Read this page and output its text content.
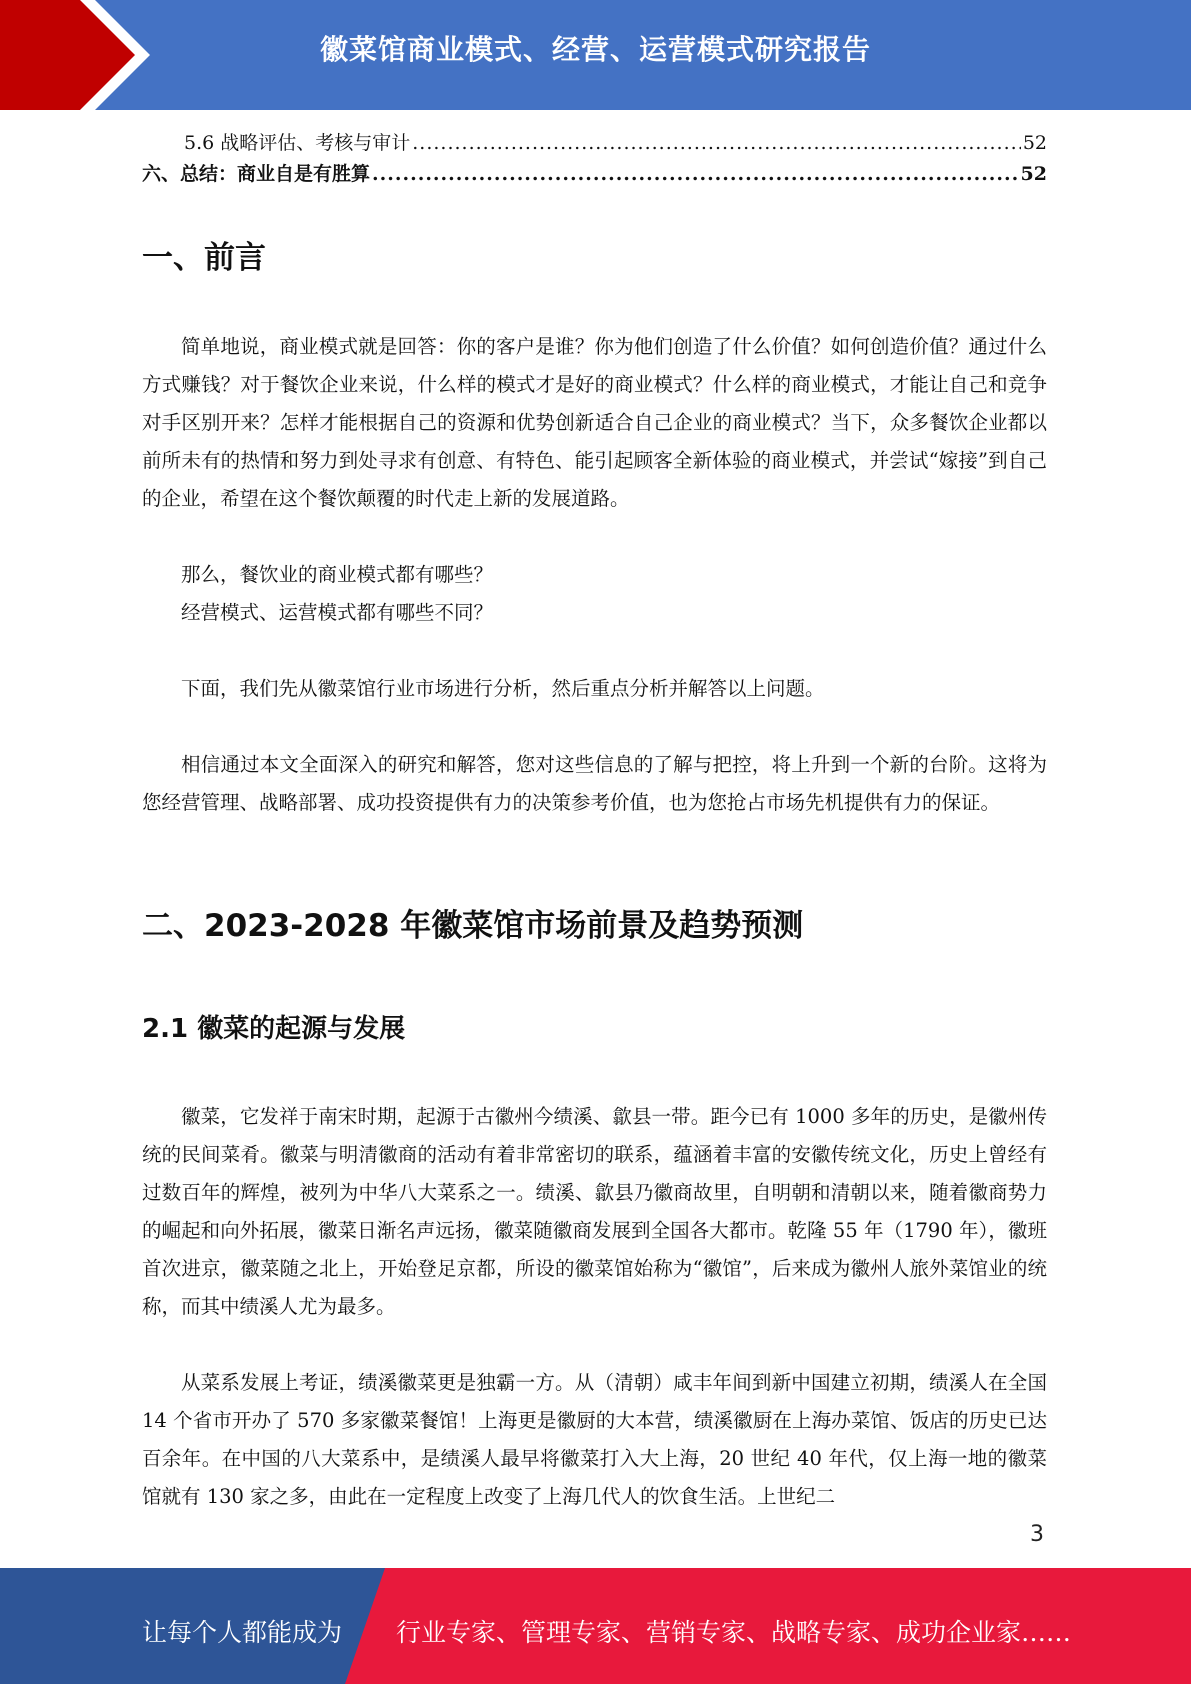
徽菜馆商业模式、经营、运营模式研究报告
5.6 战略评估、考核与审计 .....	52
六、总结：商业自是有胜算 .....	52
一、前言

简单地说，商业模式就是回答：你的客户是谁？你为他们创造了什么价值？如何创造价值？通过什么方式赚钱？对于餐饮企业来说，什么样的模式才是好的商业模式？什么样的商业模式，才能让自己和竞争对手区别开来？怎样才能根据自己的资源和优势创新适合自己企业的商业模式？当下，众多餐饮企业都以前所未有的热情和努力到处寻求有创意、有特色、能引起顾客全新体验的商业模式，并尝试“嫁接”到自己的企业，希望在这个餐饮颠覆的时代走上新的发展道路。

那么，餐饮业的商业模式都有哪些？

经营模式、运营模式都有哪些不同？

下面，我们先从徽菜馆行业市场进行分析，然后重点分析并解答以上问题。

相信通过本文全面深入的研究和解答，您对这些信息的了解与把控，将上升到一个新的台阶。这将为您经营管理、战略部署、成功投资提供有力的决策参考价值，也为您抢占市场先机提供有力的保证。

二、2023-2028 年徽菜馆市场前景及趋势预测
2.1 徽菜的起源与发展

徽菜，它发祥于南宋时期，起源于古徽州今绩溪、歙县一带。距今已有 1000 多年的历史，是徽州传统的民间菜肴。徽菜与明清徽商的活动有着非常密切的联系，蕴涵着丰富的安徽传统文化，历史上曾经有过数百年的辉煌，被列为中华八大菜系之一。绩溪、歙县乃徽商故里，自明朝和清朝以来，随着徽商势力的崛起和向外拓展，徽菜日渐名声远扬，徽菜随徽商发展到全国各大都市。乾隆 55 年（1790 年），徽班首次进京，徽菜随之北上，开始登足京都，所设的徽菜馆始称为“徽馆”，后来成为徽州人旅外菜馆业的统称，而其中绩溪人尤为最多。

从菜系发展上考证，绩溪徽菜更是独霸一方。从（清朝）咸丰年间到新中国建立初期，绩溪人在全国 14 个省市开办了 570 多家徽菜餐馆！上海更是徽厨的大本营，绩溪徽厨在上海办菜馆、饭店的历史已达百余年。在中国的八大菜系中，是绩溪人最早将徽菜打入大上海，20 世纪 40 年代，仅上海一地的徽菜馆就有 130 家之多，由此在一定程度上改变了上海几代人的饮食生活。上世纪二

3
让每个人都能成为 行业专家、管理专家、营销专家、战略专家、成功企业家……
